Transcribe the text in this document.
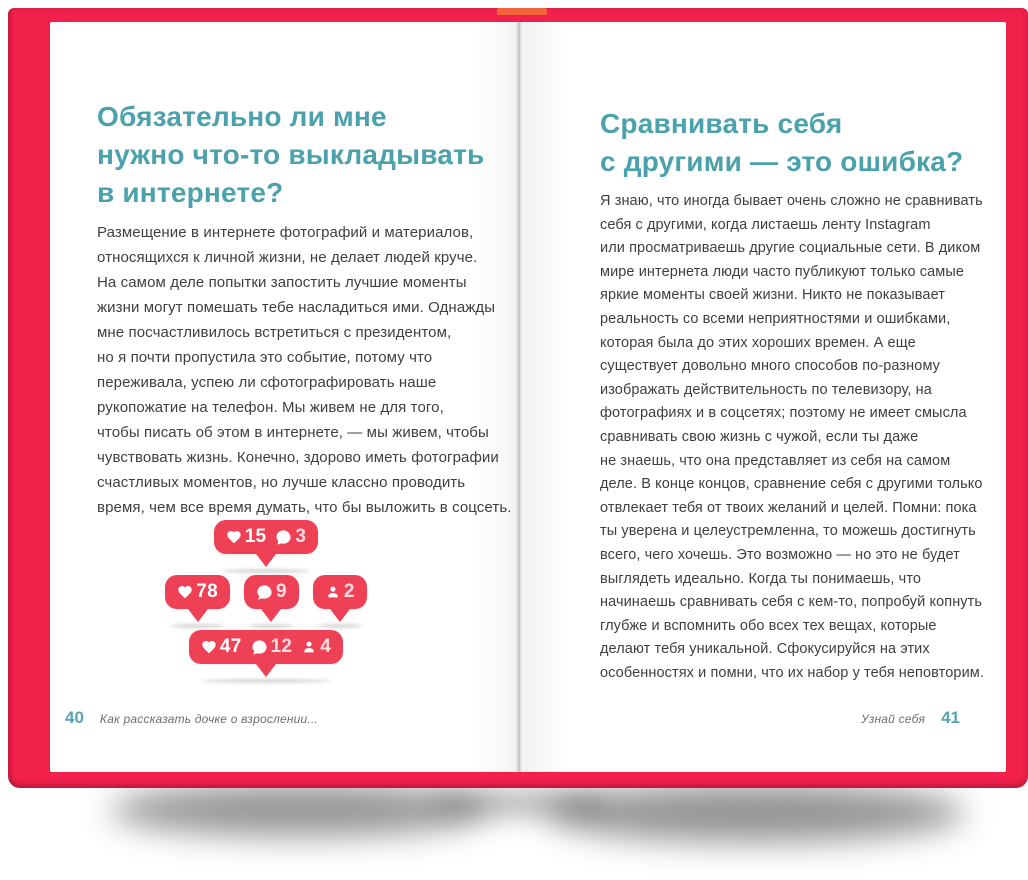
Обязательно ли мне
нужно что-то выкладывать
в интернете?
Размещение в интернете фотографий и материалов,
относящихся к личной жизни, не делает людей круче.
На самом деле попытки запостить лучшие моменты
жизни могут помешать тебе насладиться ими. Однажды
мне посчастливилось встретиться с президентом,
но я почти пропустила это событие, потому что
переживала, успею ли сфотографировать наше
рукопожатие на телефон. Мы живем не для того,
чтобы писать об этом в интернете, — мы живем, чтобы
чувствовать жизнь. Конечно, здорово иметь фотографии
счастливых моментов, но лучше классно проводить
время, чем все время думать, что бы выложить в соцсеть.
15 3
78	9	2
47 12 4
40 Как рассказать дочке о взрослении...
Сравнивать себя
с другими — это ошибка?
Я знаю, что иногда бывает очень сложно не сравнивать
себя с другими, когда листаешь ленту Instagram
или просматриваешь другие социальные сети. В диком
мире интернета люди часто публикуют только самые
яркие моменты своей жизни. Никто не показывает
реальность со всеми неприятностями и ошибками,
которая была до этих хороших времен. А еще
существует довольно много способов по-разному
изображать действительность по телевизору, на
фотографиях и в соцсетях; поэтому не имеет смысла
сравнивать свою жизнь с чужой, если ты даже
не знаешь, что она представляет из себя на самом
деле. В конце концов, сравнение себя с другими только
отвлекает тебя от твоих желаний и целей. Помни: пока
ты уверена и целеустремленна, то можешь достигнуть
всего, чего хочешь. Это возможно — но это не будет
выглядеть идеально. Когда ты понимаешь, что
начинаешь сравнивать себя с кем-то, попробуй копнуть
глубже и вспомнить обо всех тех вещах, которые
делают тебя уникальной. Сфокусируйся на этих
особенностях и помни, что их набор у тебя неповторим.
Узнай себя 41
